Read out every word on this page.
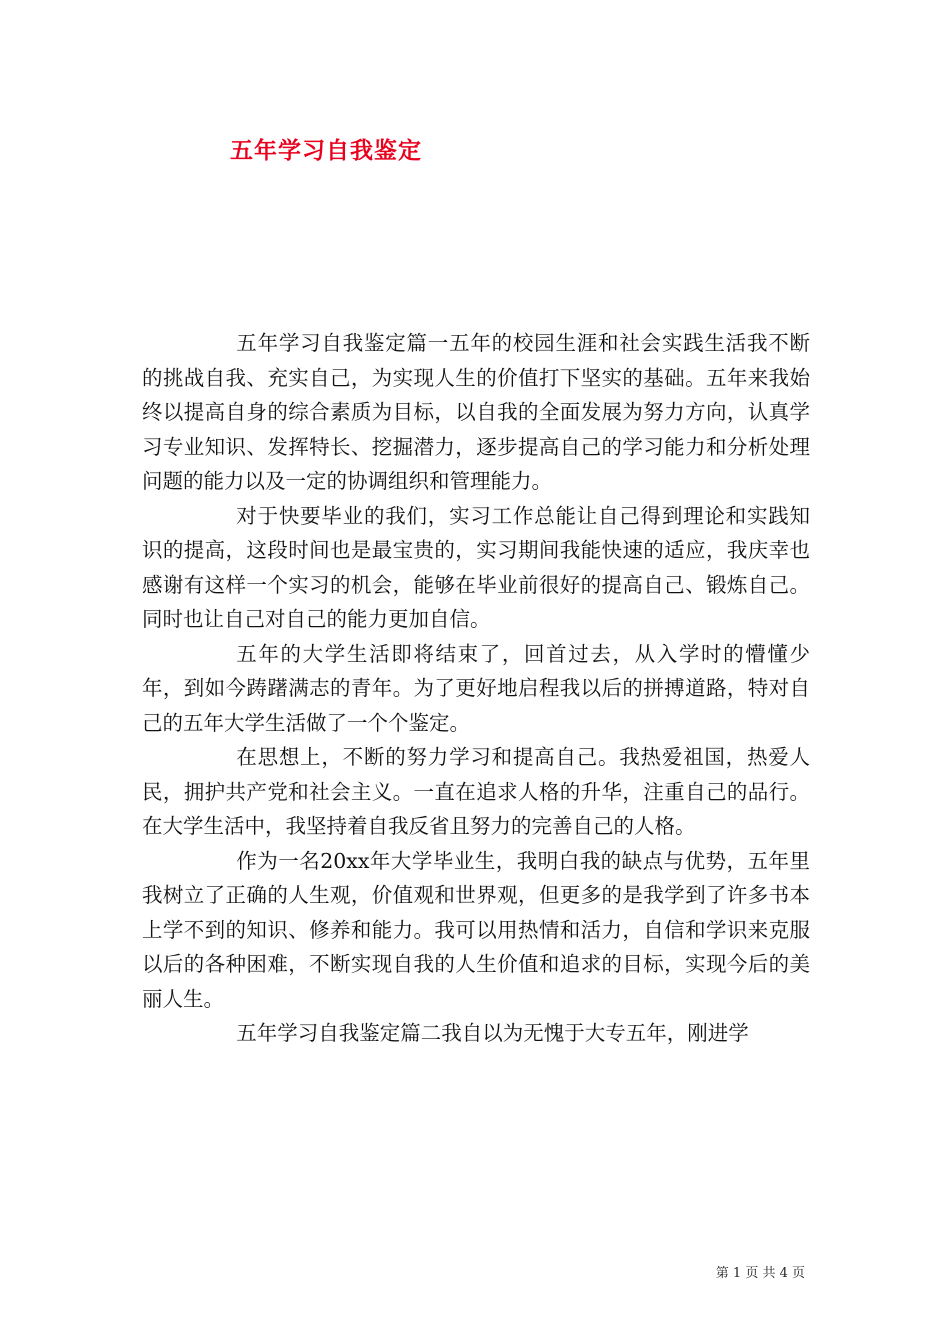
五年学习自我鉴定

五年学习自我鉴定篇一五年的校园生涯和社会实践生活我不断的挑战自我、充实自己，为实现人生的价值打下坚实的基础。五年来我始终以提高自身的综合素质为目标，以自我的全面发展为努力方向，认真学习专业知识、发挥特长、挖掘潜力，逐步提高自己的学习能力和分析处理问题的能力以及一定的协调组织和管理能力。

对于快要毕业的我们，实习工作总能让自己得到理论和实践知识的提高，这段时间也是最宝贵的，实习期间我能快速的适应，我庆幸也感谢有这样一个实习的机会，能够在毕业前很好的提高自己、锻炼自己。同时也让自己对自己的能力更加自信。

五年的大学生活即将结束了，回首过去，从入学时的懵懂少年，到如今踌躇满志的青年。为了更好地启程我以后的拼搏道路，特对自己的五年大学生活做了一个个鉴定。

在思想上，不断的努力学习和提高自己。我热爱祖国，热爱人民，拥护共产党和社会主义。一直在追求人格的升华，注重自己的品行。在大学生活中，我坚持着自我反省且努力的完善自己的人格。

作为一名20xx年大学毕业生，我明白我的缺点与优势，五年里我树立了正确的人生观，价值观和世界观，但更多的是我学到了许多书本上学不到的知识、修养和能力。我可以用热情和活力，自信和学识来克服以后的各种困难，不断实现自我的人生价值和追求的目标，实现今后的美丽人生。

五年学习自我鉴定篇二我自以为无愧于大专五年，刚进学

第 1 页 共 4 页
